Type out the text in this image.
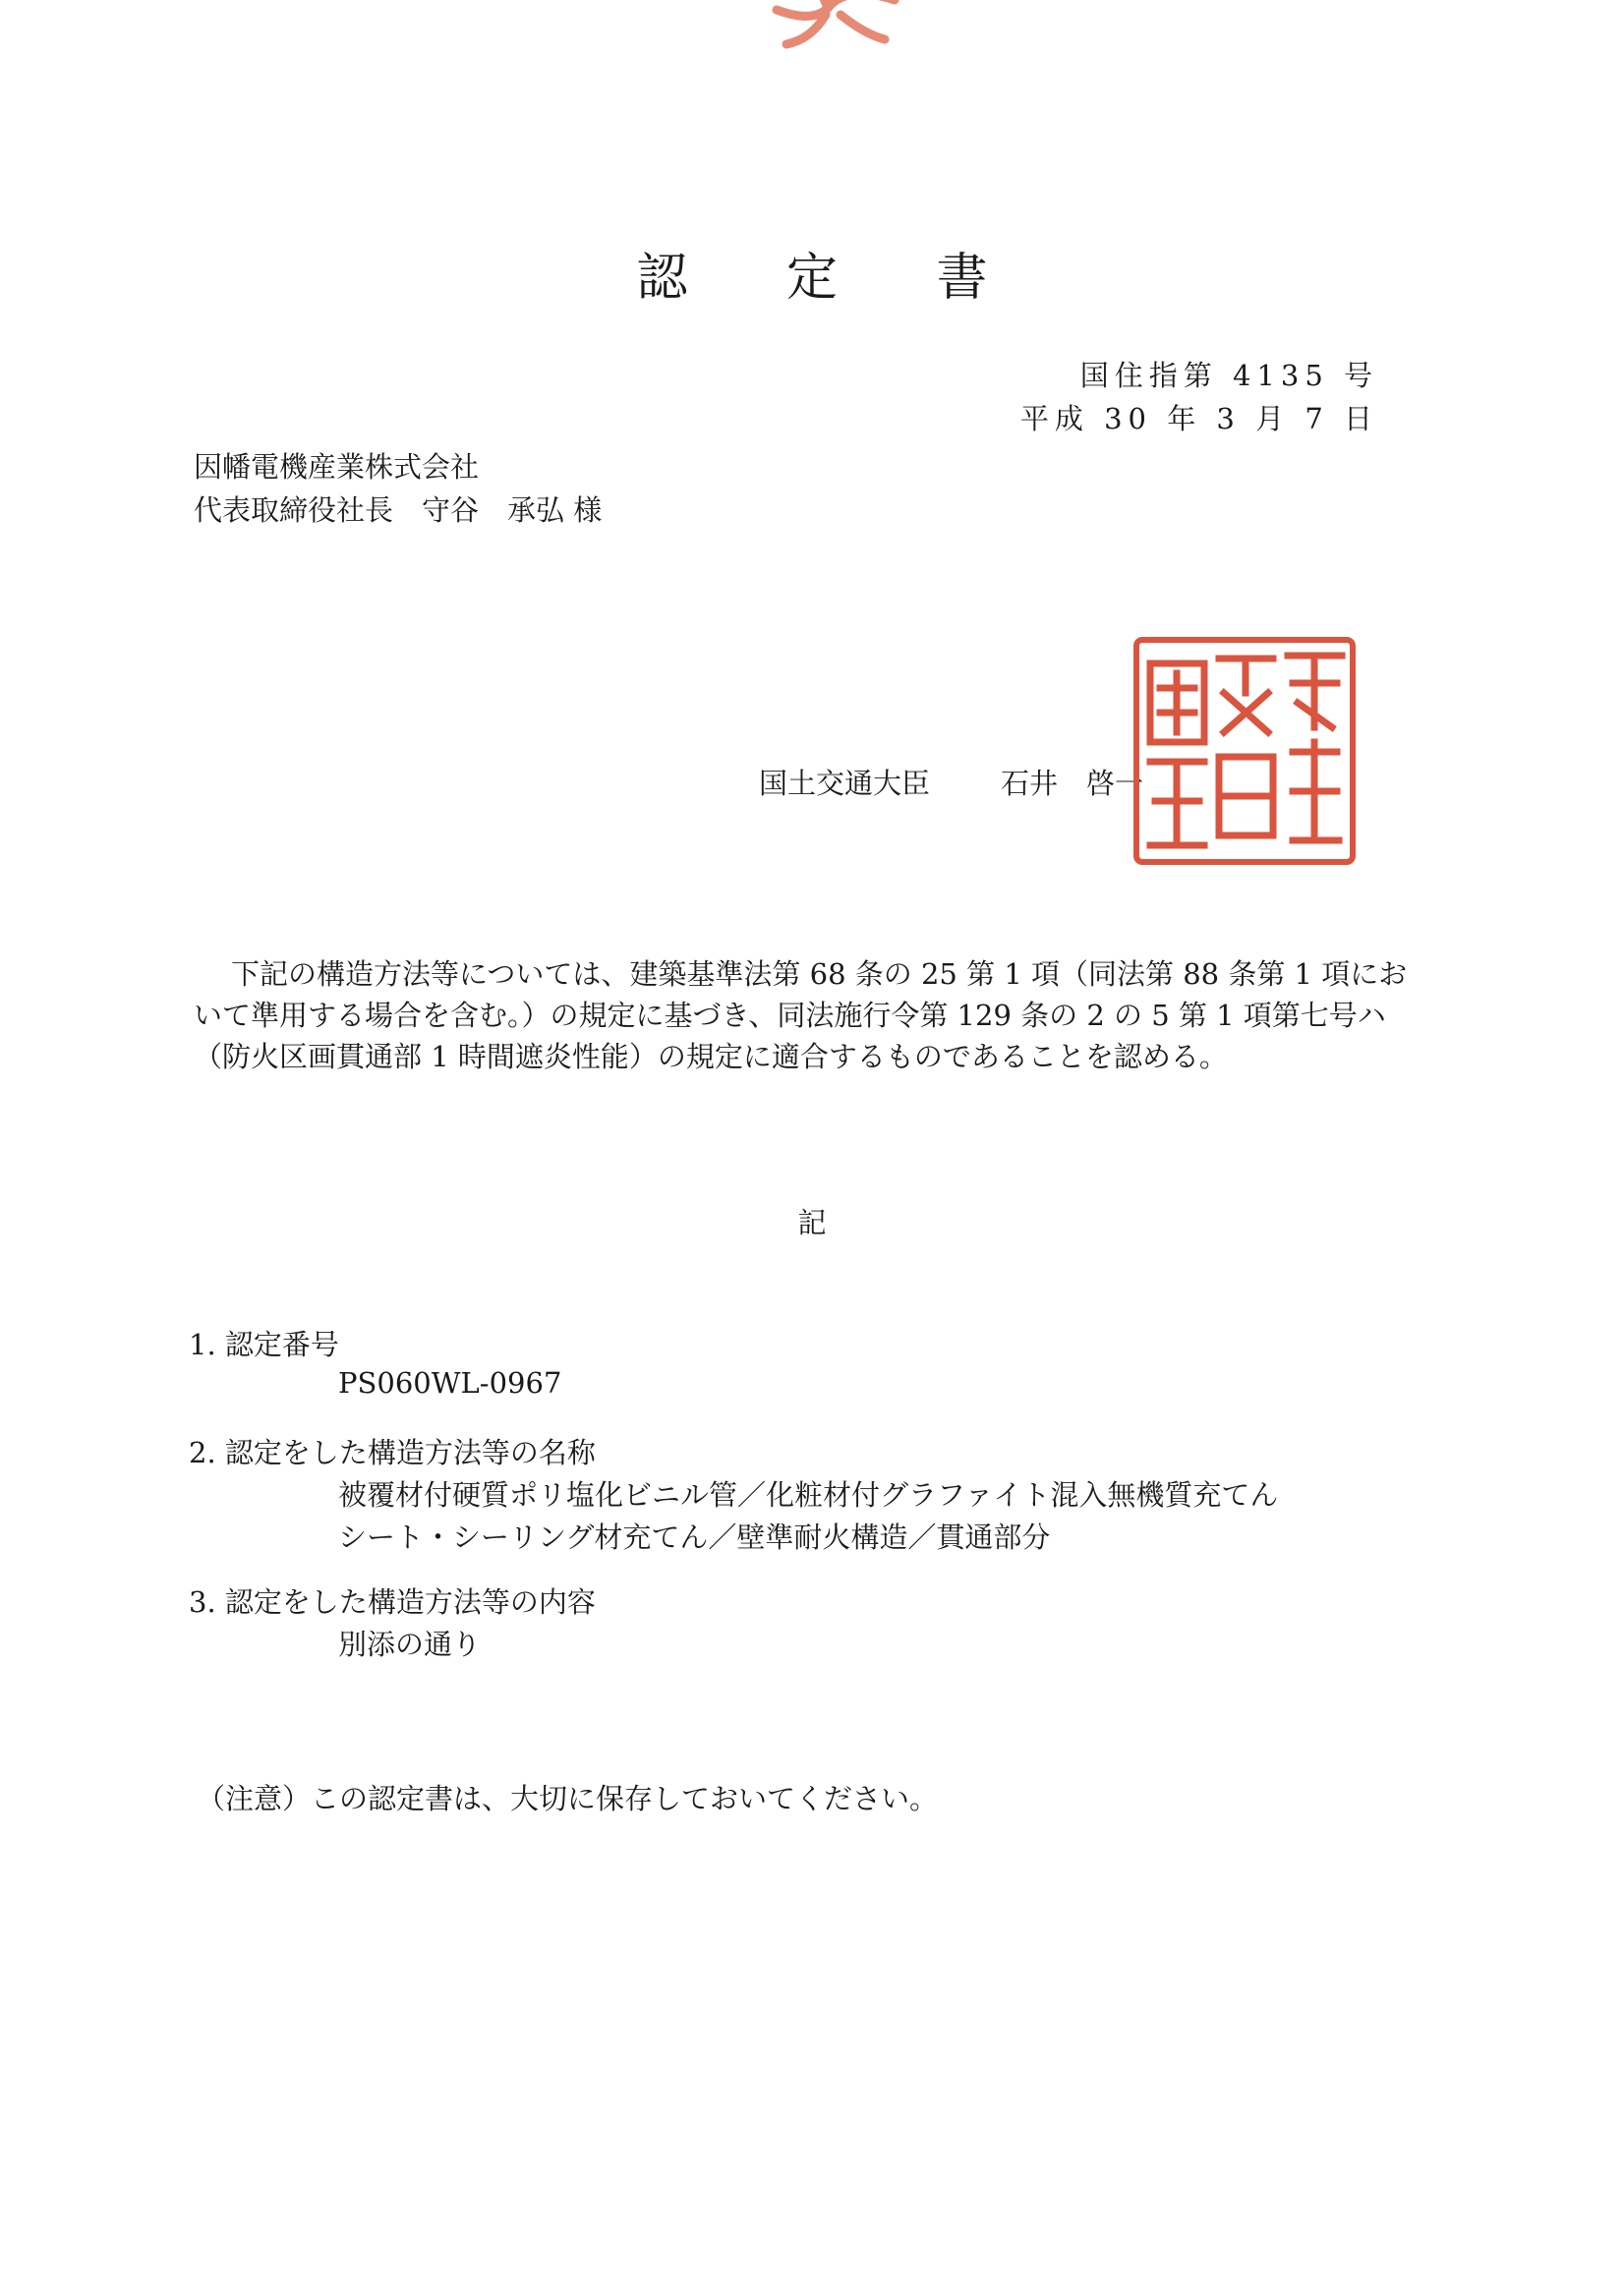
認 定 書
国住指第 4135 号
平成 30 年 3 月 7 日
因幡電機産業株式会社
代表取締役社長　守谷　承弘 様
国土交通大臣 石井　啓一
国土交通大臣之印
下記の構造方法等については、建築基準法第 68 条の 25 第 1 項（同法第 88 条第 1 項において準用する場合を含む。）の規定に基づき、同法施行令第 129 条の 2 の 5 第 1 項第七号ハ（防火区画貫通部 1 時間遮炎性能）の規定に適合するものであることを認める。
記
1. 認定番号
PS060WL-0967
2. 認定をした構造方法等の名称
被覆材付硬質ポリ塩化ビニル管／化粧材付グラファイト混入無機質充てん
シート・シーリング材充てん／壁準耐火構造／貫通部分
3. 認定をした構造方法等の内容
別添の通り
（注意）この認定書は、大切に保存しておいてください。
